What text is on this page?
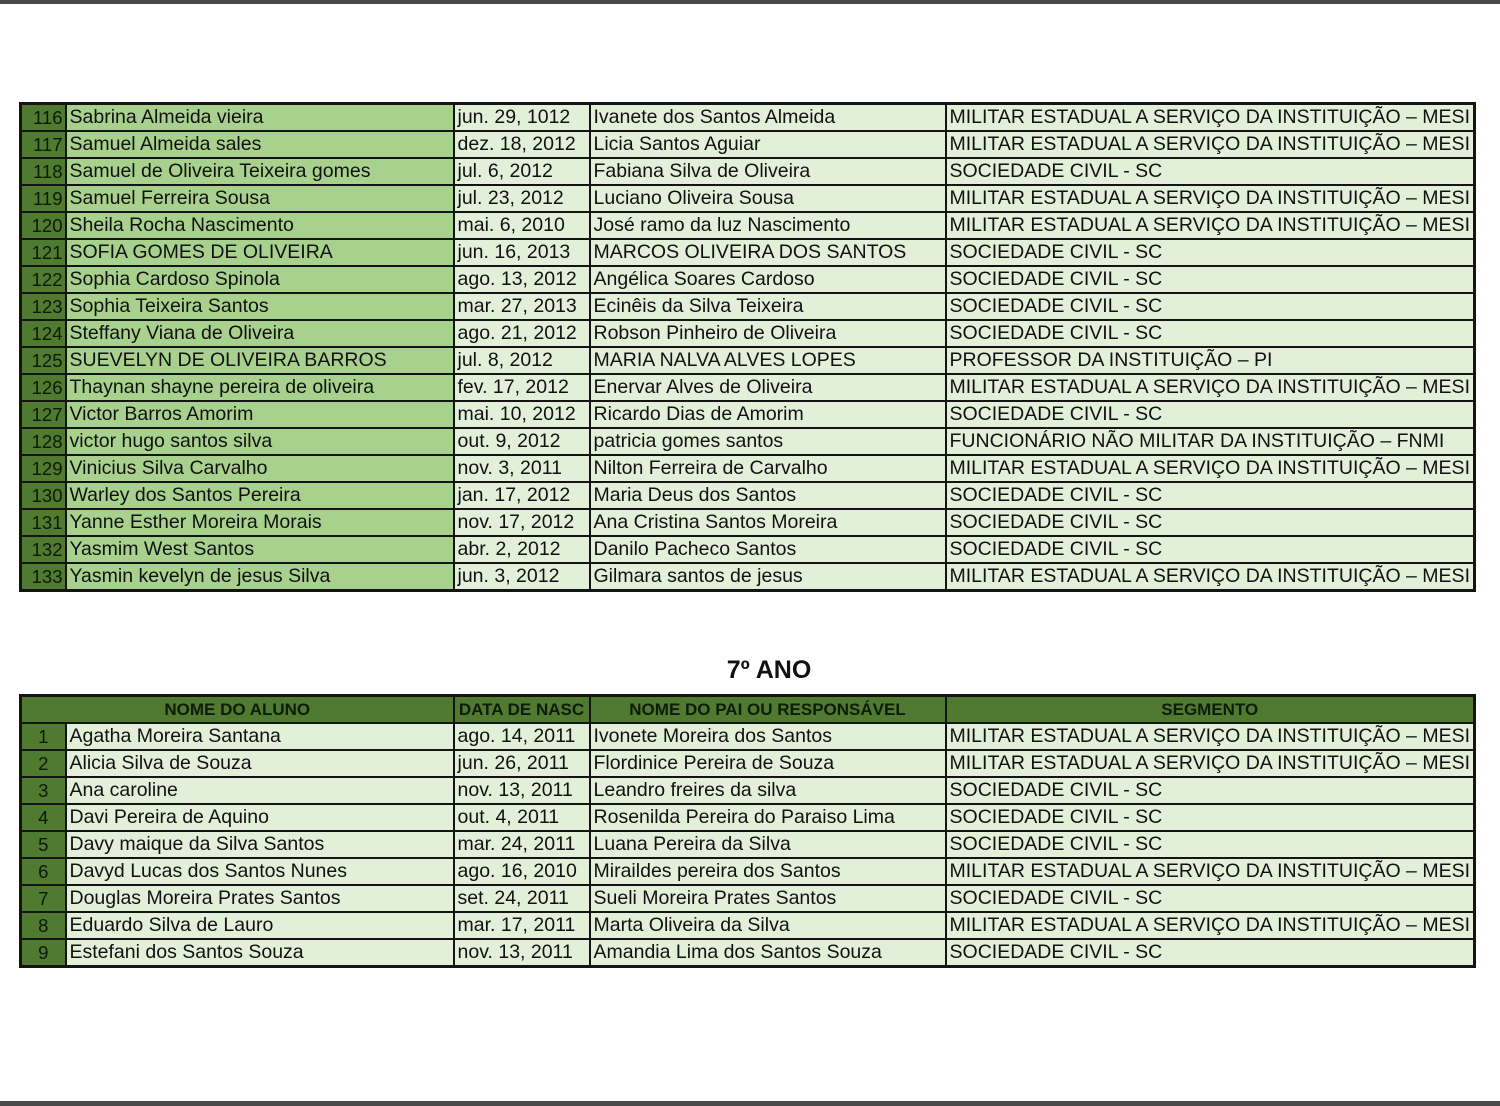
116	Sabrina Almeida vieira	jun. 29, 1012	Ivanete dos Santos Almeida	MILITAR ESTADUAL A SERVIÇO DA INSTITUIÇÃO – MESI
117	Samuel Almeida sales	dez. 18, 2012	Licia Santos Aguiar	MILITAR ESTADUAL A SERVIÇO DA INSTITUIÇÃO – MESI
118	Samuel de Oliveira Teixeira gomes	jul. 6, 2012	Fabiana Silva de Oliveira	SOCIEDADE CIVIL - SC
119	Samuel Ferreira Sousa	jul. 23, 2012	Luciano Oliveira Sousa	MILITAR ESTADUAL A SERVIÇO DA INSTITUIÇÃO – MESI
120	Sheila Rocha Nascimento	mai. 6, 2010	José ramo da luz Nascimento	MILITAR ESTADUAL A SERVIÇO DA INSTITUIÇÃO – MESI
121	SOFIA GOMES DE OLIVEIRA	jun. 16, 2013	MARCOS OLIVEIRA DOS SANTOS	SOCIEDADE CIVIL - SC
122	Sophia Cardoso Spinola	ago. 13, 2012	Angélica Soares Cardoso	SOCIEDADE CIVIL - SC
123	Sophia Teixeira Santos	mar. 27, 2013	Ecinêis da Silva Teixeira	SOCIEDADE CIVIL - SC
124	Steffany Viana de Oliveira	ago. 21, 2012	Robson Pinheiro de Oliveira	SOCIEDADE CIVIL - SC
125	SUEVELYN DE OLIVEIRA BARROS	jul. 8, 2012	MARIA NALVA ALVES LOPES	PROFESSOR DA INSTITUIÇÃO – PI
126	Thaynan shayne pereira de oliveira	fev. 17, 2012	Enervar Alves de Oliveira	MILITAR ESTADUAL A SERVIÇO DA INSTITUIÇÃO – MESI
127	Victor Barros Amorim	mai. 10, 2012	Ricardo Dias de Amorim	SOCIEDADE CIVIL - SC
128	victor hugo santos silva	out. 9, 2012	patricia gomes santos	FUNCIONÁRIO NÃO MILITAR DA INSTITUIÇÃO – FNMI
129	Vinicius Silva Carvalho	nov. 3, 2011	Nilton Ferreira de Carvalho	MILITAR ESTADUAL A SERVIÇO DA INSTITUIÇÃO – MESI
130	Warley dos Santos Pereira	jan. 17, 2012	Maria Deus dos Santos	SOCIEDADE CIVIL - SC
131	Yanne Esther Moreira Morais	nov. 17, 2012	Ana Cristina Santos Moreira	SOCIEDADE CIVIL - SC
132	Yasmim West Santos	abr. 2, 2012	Danilo Pacheco Santos	SOCIEDADE CIVIL - SC
133	Yasmin kevelyn de jesus Silva	jun. 3, 2012	Gilmara santos de jesus	MILITAR ESTADUAL A SERVIÇO DA INSTITUIÇÃO – MESI
7º ANO
NOME DO ALUNO		DATA DE NASC	NOME DO PAI OU RESPONSÁVEL	SEGMENTO
1	Agatha Moreira Santana	ago. 14, 2011	Ivonete Moreira dos Santos	MILITAR ESTADUAL A SERVIÇO DA INSTITUIÇÃO – MESI
2	Alicia Silva de Souza	jun. 26, 2011	Flordinice Pereira de Souza	MILITAR ESTADUAL A SERVIÇO DA INSTITUIÇÃO – MESI
3	Ana caroline	nov. 13, 2011	Leandro freires da silva	SOCIEDADE CIVIL - SC
4	Davi Pereira de Aquino	out. 4, 2011	Rosenilda Pereira do Paraiso Lima	SOCIEDADE CIVIL - SC
5	Davy maique da Silva Santos	mar. 24, 2011	Luana Pereira da Silva	SOCIEDADE CIVIL - SC
6	Davyd Lucas dos Santos Nunes	ago. 16, 2010	Miraildes pereira dos Santos	MILITAR ESTADUAL A SERVIÇO DA INSTITUIÇÃO – MESI
7	Douglas Moreira Prates Santos	set. 24, 2011	Sueli Moreira Prates Santos	SOCIEDADE CIVIL - SC
8	Eduardo Silva de Lauro	mar. 17, 2011	Marta Oliveira da Silva	MILITAR ESTADUAL A SERVIÇO DA INSTITUIÇÃO – MESI
9	Estefani dos Santos Souza	nov. 13, 2011	Amandia Lima dos Santos Souza	SOCIEDADE CIVIL - SC
